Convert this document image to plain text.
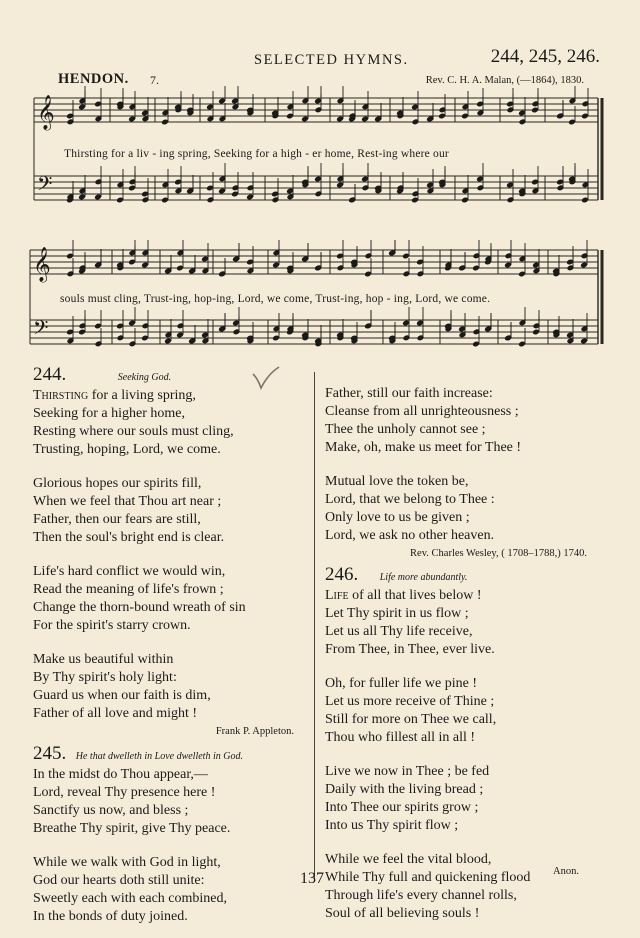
SELECTED HYMNS.	244, 245, 246.
HENDON. 7.	Rev. C. H. A. Malan, (—1864), 1830.
𝄞
𝄢
Thirsting for a liv - ing spring, Seeking for a high - er home, Rest-ing where our
𝄞
𝄢
souls must cling, Trust-ing, hop-ing, Lord, we come, Trust-ing, hop - ing, Lord, we come.
244.	Seeking God.
Thirsting for a living spring,
Seeking for a higher home,
Resting where our souls must cling,
Trusting, hoping, Lord, we come.
Glorious hopes our spirits fill,
When we feel that Thou art near ;
Father, then our fears are still,
Then the soul's bright end is clear.
Life's hard conflict we would win,
Read the meaning of life's frown ;
Change the thorn-bound wreath of sin
For the spirit's starry crown.
Make us beautiful within
By Thy spirit's holy light:
Guard us when our faith is dim,
Father of all love and might !
Frank P. Appleton.
245. He that dwelleth in Love dwelleth in God.
In the midst do Thou appear,—
Lord, reveal Thy presence here !
Sanctify us now, and bless ;
Breathe Thy spirit, give Thy peace.
While we walk with God in light,
God our hearts doth still unite:
Sweetly each with each combined,
In the bonds of duty joined.
Father, still our faith increase:
Cleanse from all unrighteousness ;
Thee the unholy cannot see ;
Make, oh, make us meet for Thee !
Mutual love the token be,
Lord, that we belong to Thee :
Only love to us be given ;
Lord, we ask no other heaven.
Rev. Charles Wesley, ( 1708–1788,) 1740.
246. Life more abundantly.
Life of all that lives below !
Let Thy spirit in us flow ;
Let us all Thy life receive,
From Thee, in Thee, ever live.
Oh, for fuller life we pine !
Let us more receive of Thine ;
Still for more on Thee we call,
Thou who fillest all in all !
Live we now in Thee ; be fed
Daily with the living bread ;
Into Thee our spirits grow ;
Into us Thy spirit flow ;
While we feel the vital blood,
While Thy full and quickening flood
Through life's every channel rolls,
Soul of all believing souls !
Anon.
137
